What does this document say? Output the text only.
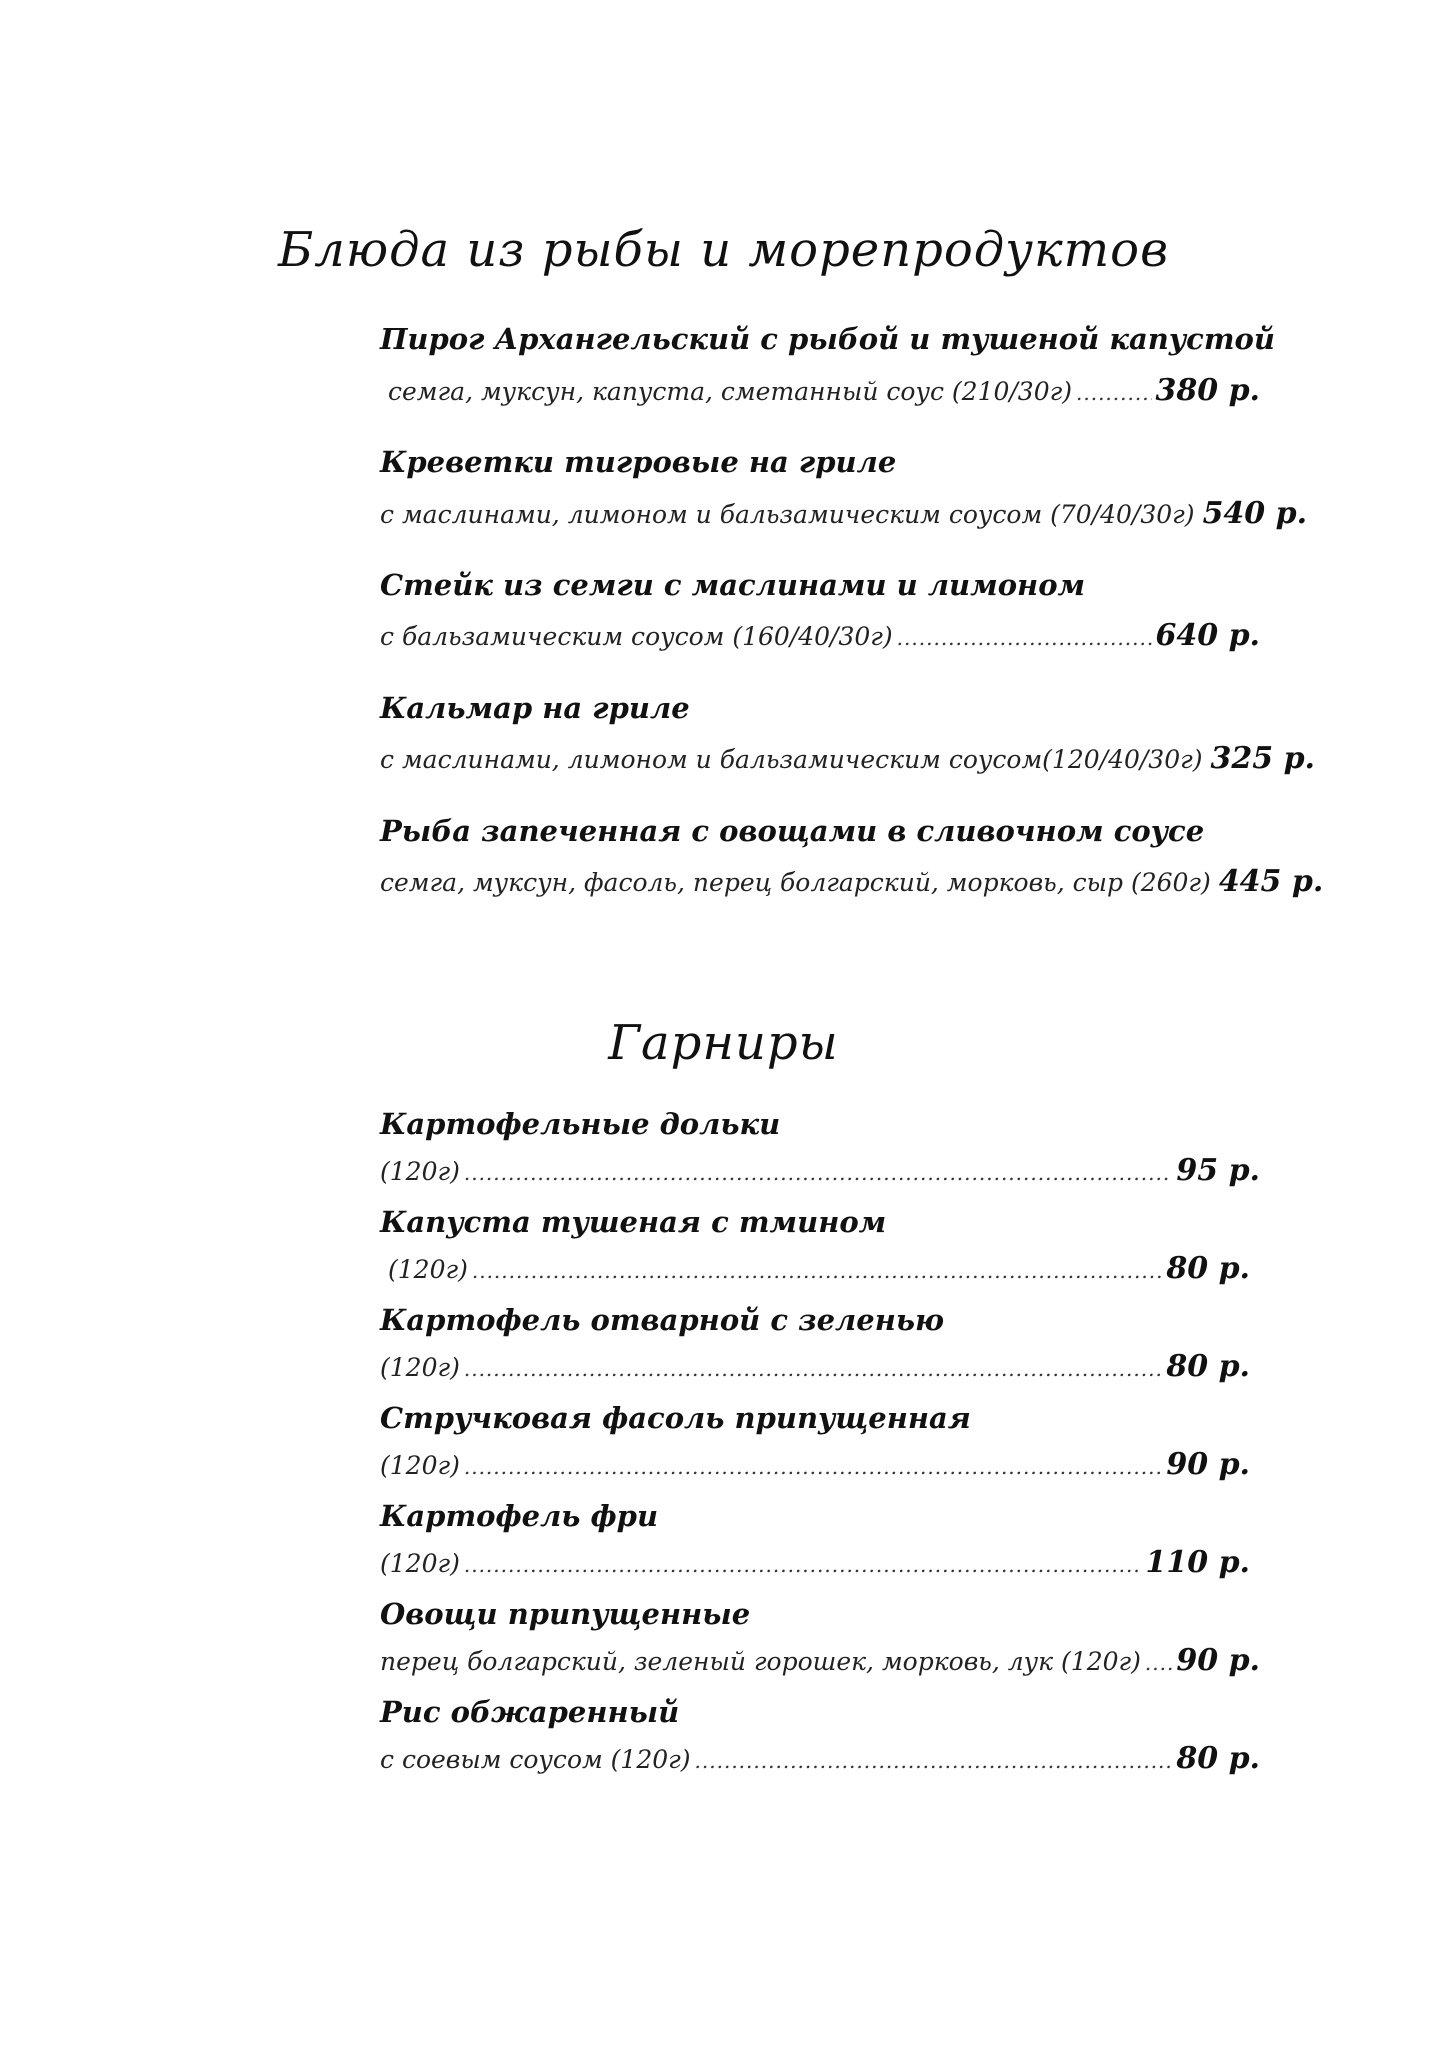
Блюда из рыбы и морепродуктов
Пирог Архангельский с рыбой и тушеной капустой
семга, муксун, капуста, сметанный соус (210/30г) .....	380 р.
Креветки тигровые на гриле
с маслинами, лимоном и бальзамическим соусом (70/40/30г) 540 р.
Стейк из семги с маслинами и лимоном
с бальзамическим соусом (160/40/30г) .....	640 р.
Кальмар на гриле
с маслинами, лимоном и бальзамическим соусом(120/40/30г) 325 р.
Рыба запеченная с овощами в сливочном соусе
семга, муксун, фасоль, перец болгарский, морковь, сыр (260г) 445 р.
Гарниры
Картофельные дольки
(120г) .....	95 р.
Капуста тушеная с тмином
(120г) .....	80 р.
Картофель отварной с зеленью
(120г) .....	80 р.
Стручковая фасоль припущенная
(120г) .....	90 р.
Картофель фри
(120г) .....	110 р.
Овощи припущенные
перец болгарский, зеленый горошек, морковь, лук (120г) ..... 90 р.
Рис обжаренный
с соевым соусом (120г) .....	80 р.
